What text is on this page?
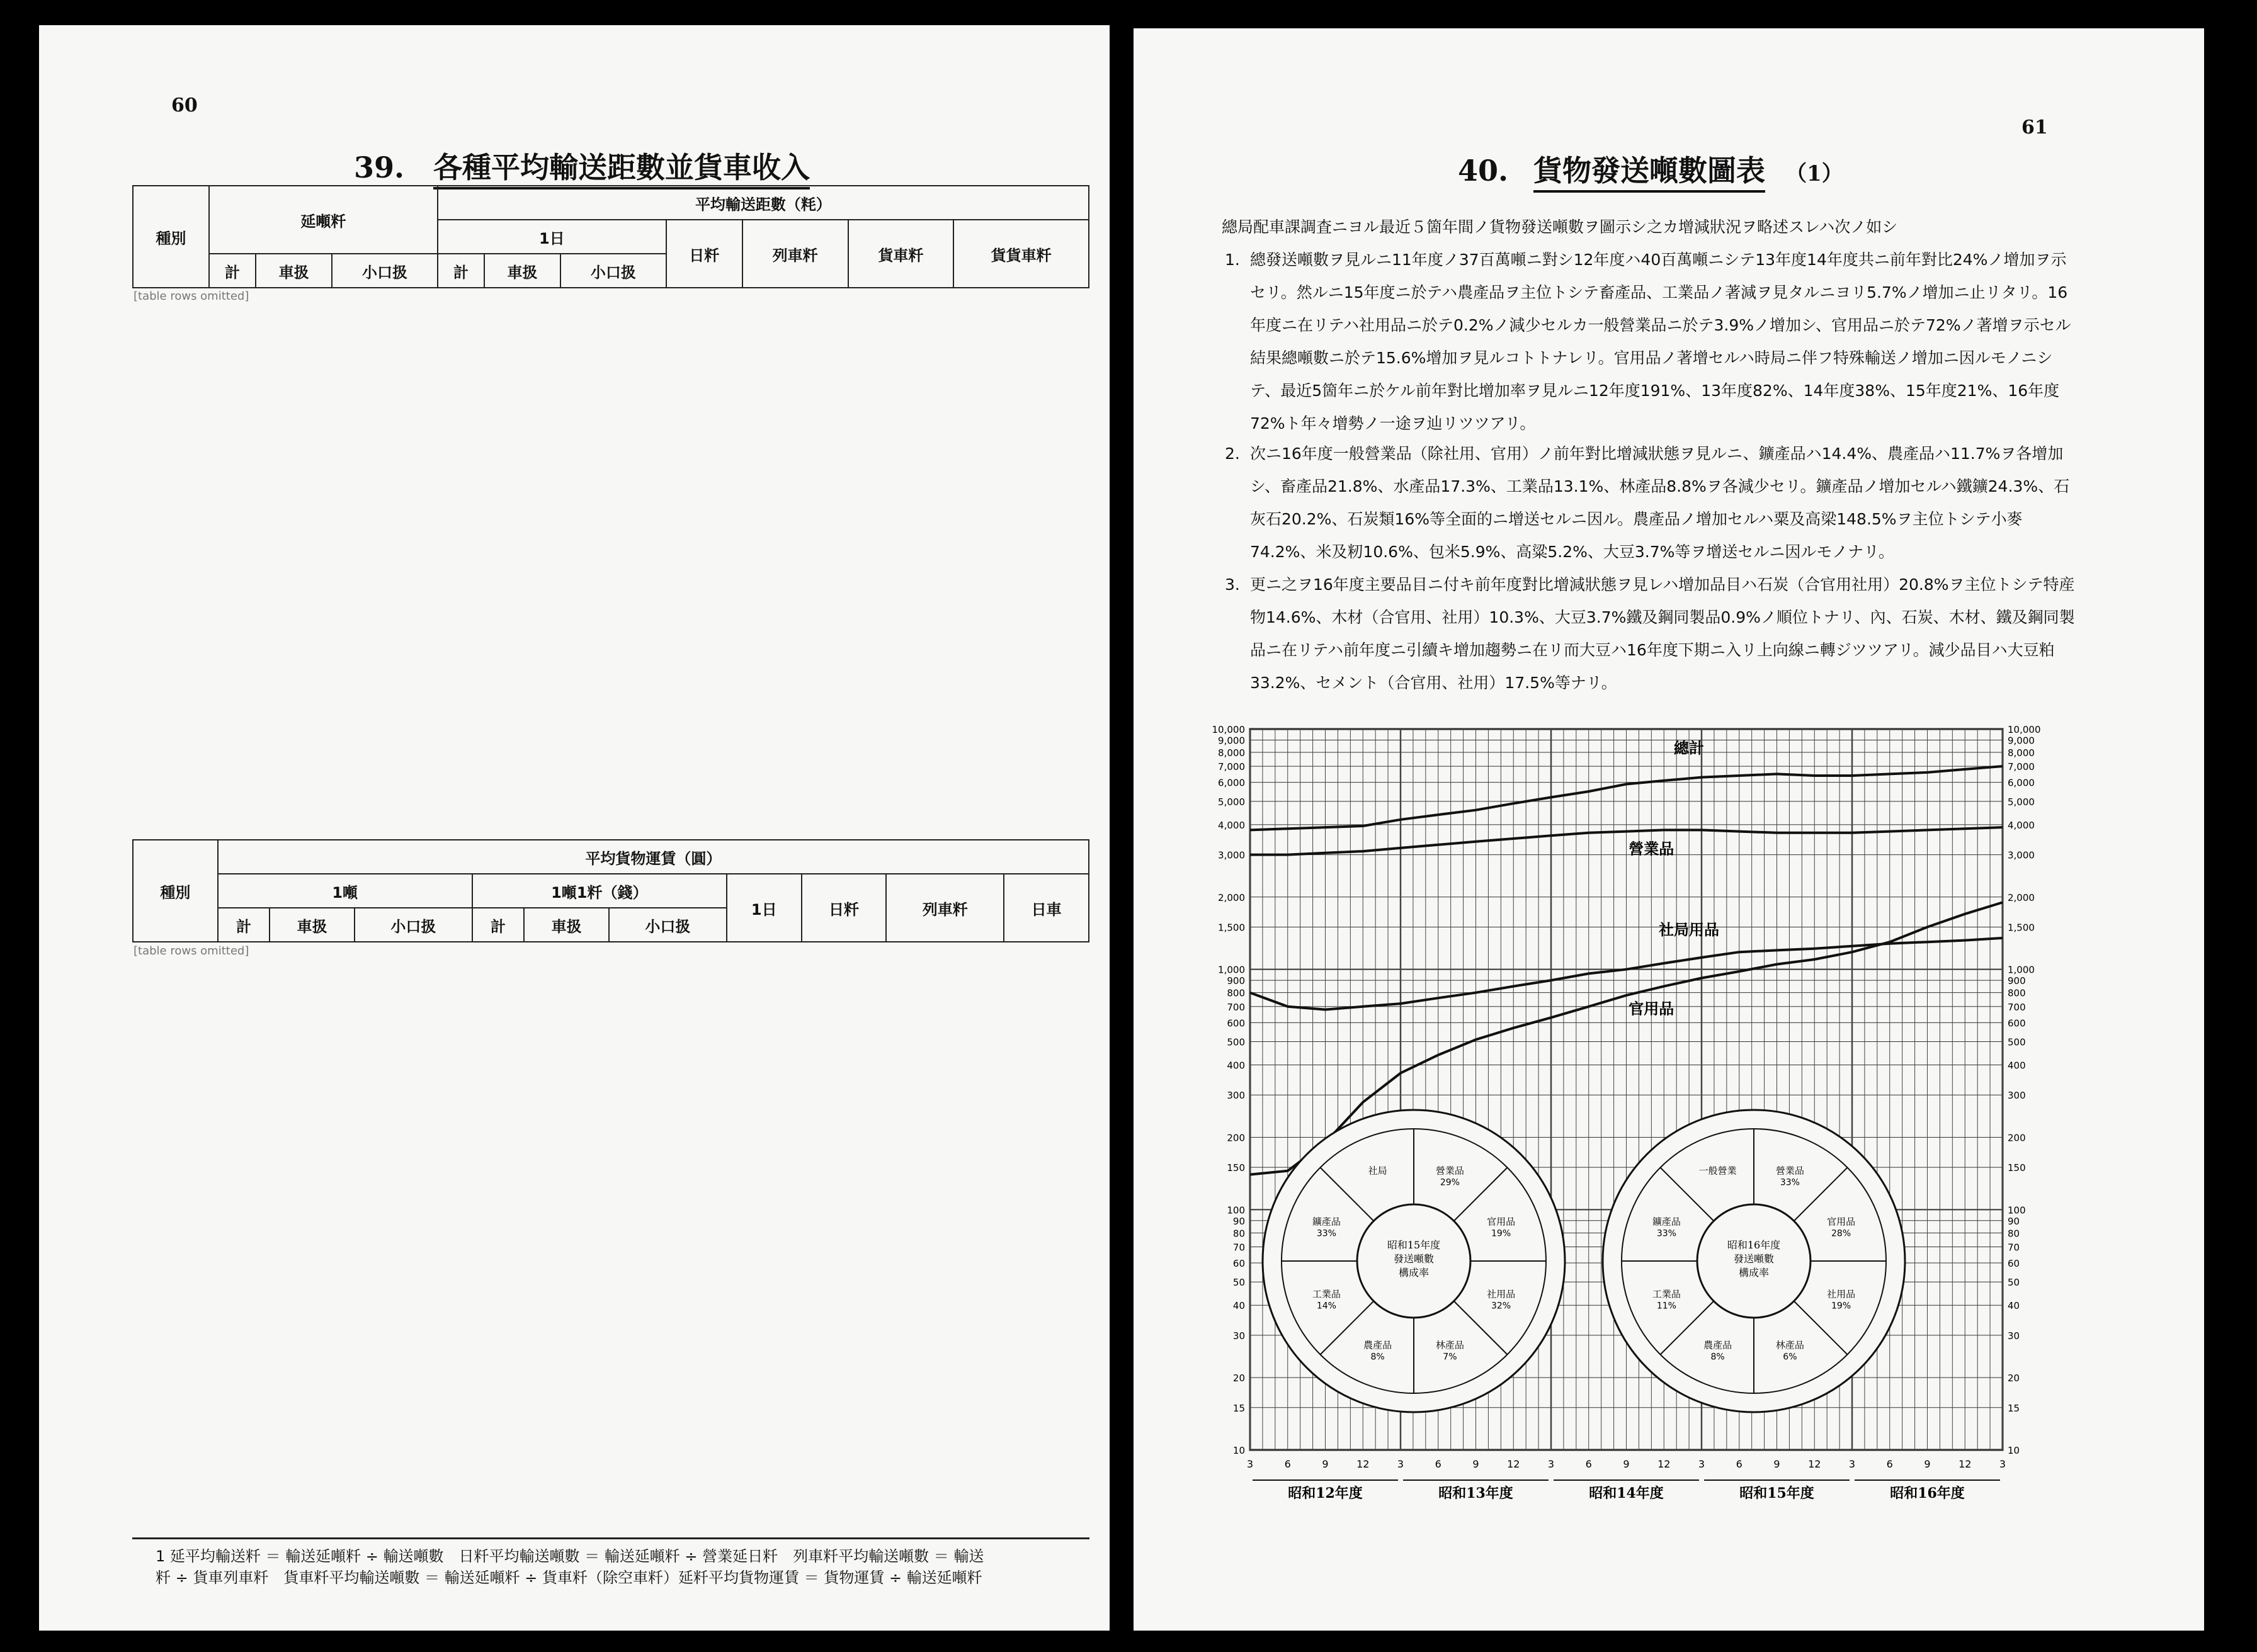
60
39. 各種平均輸送距數並貨車收入
種別	延噸粁			平均輸送距數（粍）						
				1日			日粁	列車粁	貨車粁	貨貨車粁
	計	車扱	小口扱	計	車扱	小口扱				
[table rows omitted]
種別	平均貨物運賃（圓）									
	1噸			1噸1粁（錢）			1日	日粁	列車粁	日車
	計	車扱	小口扱	計	車扱	小口扱				
[table rows omitted]
1 延平均輸送粁 ＝ 輸送延噸粁 ÷ 輸送噸數　日粁平均輸送噸數 ＝ 輸送延噸粁 ÷ 營業延日粁　列車粁平均輸送噸數 ＝ 輸送
粁 ÷ 貨車列車粁　貨車粁平均輸送噸數 ＝ 輸送延噸粁 ÷ 貨車粁（除空車粁）延粁平均貨物運賃 ＝ 貨物運賃 ÷ 輸送延噸粁
61
40. 貨物發送噸數圖表 （1）
總局配車課調査ニヨル最近５箇年間ノ貨物發送噸數ヲ圖示シ之カ增減狀況ヲ略述スレハ次ノ如シ
1. 總發送噸數ヲ見ルニ11年度ノ37百萬噸ニ對シ12年度ハ40百萬噸ニシテ13年度14年度共ニ前年對比24%ノ增加ヲ示セリ。然ルニ15年度ニ於テハ農產品ヲ主位トシテ畜產品、工業品ノ著減ヲ見タルニヨリ5.7%ノ增加ニ止リタリ。16年度ニ在リテハ社用品ニ於テ0.2%ノ減少セルカ一般營業品ニ於テ3.9%ノ增加シ、官用品ニ於テ72%ノ著增ヲ示セル結果總噸數ニ於テ15.6%增加ヲ見ルコトトナレリ。官用品ノ著增セルハ時局ニ伴フ特殊輸送ノ增加ニ因ルモノニシテ、最近5箇年ニ於ケル前年對比增加率ヲ見ルニ12年度191%、13年度82%、14年度38%、15年度21%、16年度72%ト年々增勢ノ一途ヲ辿リツツアリ。
2. 次ニ16年度一般營業品（除社用、官用）ノ前年對比增減狀態ヲ見ルニ、鑛產品ハ14.4%、農產品ハ11.7%ヲ各增加シ、畜產品21.8%、水產品17.3%、工業品13.1%、林產品8.8%ヲ各減少セリ。鑛產品ノ增加セルハ鐵鑛24.3%、石灰石20.2%、石炭類16%等全面的ニ增送セルニ因ル。農產品ノ增加セルハ粟及高梁148.5%ヲ主位トシテ小麥74.2%、米及籾10.6%、包米5.9%、高粱5.2%、大豆3.7%等ヲ增送セルニ因ルモノナリ。
3. 更ニ之ヲ16年度主要品目ニ付キ前年度對比增減狀態ヲ見レハ增加品目ハ石炭（合官用社用）20.8%ヲ主位トシテ特産物14.6%、木材（合官用、社用）10.3%、大豆3.7%鐵及鋼同製品0.9%ノ順位トナリ、內、石炭、木材、鐵及鋼同製品ニ在リテハ前年度ニ引續キ增加趨勢ニ在リ而大豆ハ16年度下期ニ入リ上向線ニ轉ジツツアリ。減少品目ハ大豆粕33.2%、セメント（合官用、社用）17.5%等ナリ。
10,000	10,000
9,000	9,000
8,000	8,000
7,000	7,000
6,000	6,000
5,000	5,000
4,000	4,000
3,000	3,000
2,000	2,000
1,500	1,500
1,000	1,000
900	900
800	800
700	700
600	600
500	500
400	400
300	300
200	200
150	150
100	100
90	90
80	80
70	70
60	60
50	50
40	40
30	30
20	20
15	15
10	10
3	6	9	12	3	6	9	12	3	6	9	12	3	6	9	12	3	6	9	12	3
昭和12年度	昭和13年度	昭和14年度	昭和15年度	昭和16年度
總計
營業品
社局用品
官用品
營業品
29%
官用品
19%
社用品
32%
林產品
7%
農產品
8%
工業品
14%
鑛產品
33%
社局
昭和15年度
發送噸數
構成率
營業品
33%
官用品
28%
社用品
19%
林產品
6%
農產品
8%
工業品
11%
鑛產品
33%
一般營業
昭和16年度
發送噸數
構成率
